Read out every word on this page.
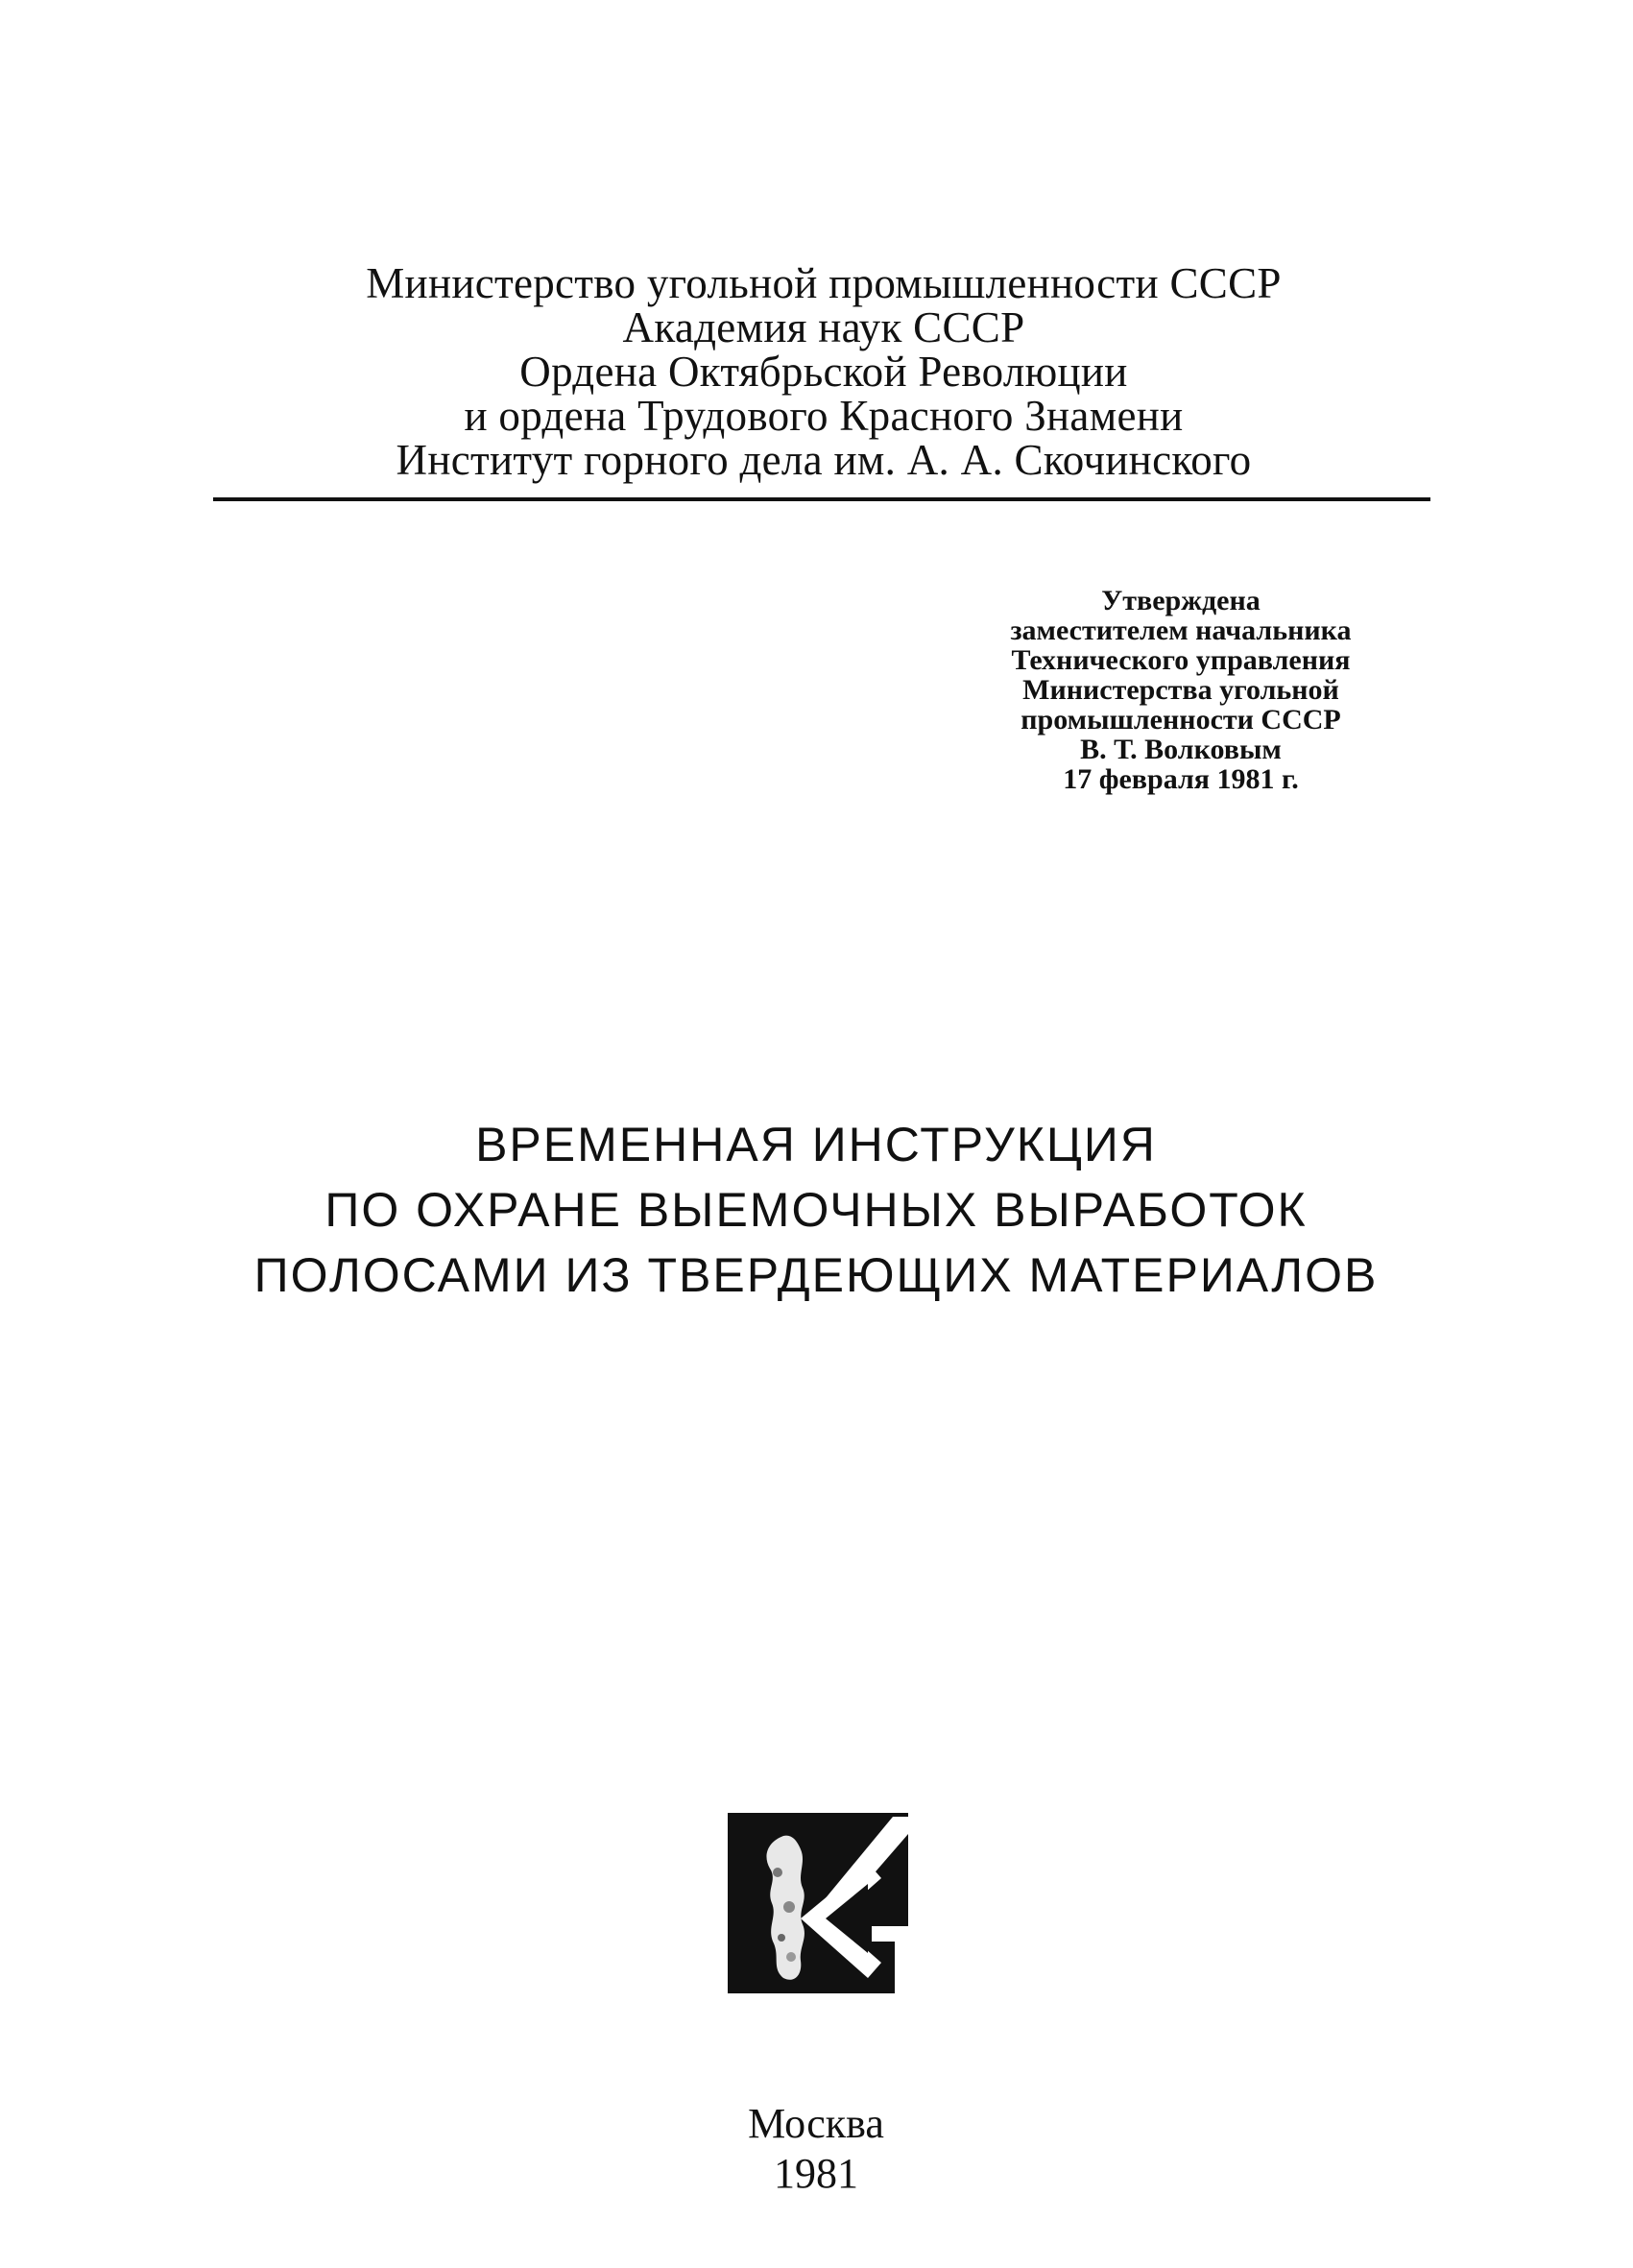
Министерство угольной промышленности СССР
Академия наук СССР
Ордена Октябрьской Революции
и ордена Трудового Красного Знамени
Институт горного дела им. А. А. Скочинского
Утверждена
заместителем начальника
Технического управления
Министерства угольной
промышленности СССР
В. Т. Волковым
17 февраля 1981 г.
ВРЕМЕННАЯ ИНСТРУКЦИЯ
ПО ОХРАНЕ ВЫЕМОЧНЫХ ВЫРАБОТОК
ПОЛОСАМИ ИЗ ТВЕРДЕЮЩИХ МАТЕРИАЛОВ
Москва
1981
